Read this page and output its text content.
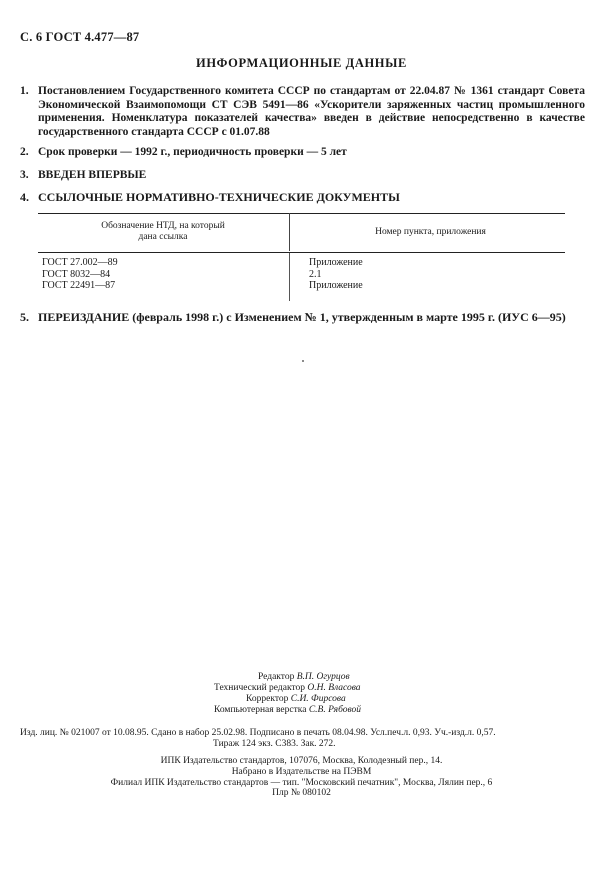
С. 6 ГОСТ 4.477—87
ИНФОРМАЦИОННЫЕ ДАННЫЕ
1. Постановлением Государственного комитета СССР по стандартам от 22.04.87 № 1361 стандарт Совета Экономической Взаимопомощи СТ СЭВ 5491—86 «Ускорители заряженных частиц промышленного применения. Номенклатура показателей качества» введен в действие непосредственно в качестве государственного стандарта СССР с 01.07.88
2. Срок проверки — 1992 г., периодичность проверки — 5 лет
3. ВВЕДЕН ВПЕРВЫЕ
4. ССЫЛОЧНЫЕ НОРМАТИВНО-ТЕХНИЧЕСКИЕ ДОКУМЕНТЫ
Обозначение НТД, на который
дана ссылка	Номер пункта, приложения
ГОСТ 27.002—89	Приложение
ГОСТ 8032—84	2.1
ГОСТ 22491—87	Приложение
5. ПЕРЕИЗДАНИЕ (февраль 1998 г.) с Изменением № 1, утвержденным в марте 1995 г. (ИУС 6—95)
Редактор В.П. Огурцов
Технический редактор О.Н. Власова
Корректор С.И. Фирсова
Компьютерная верстка С.В. Рябовой
Изд. лиц. № 021007 от 10.08.95. Сдано в набор 25.02.98. Подписано в печать 08.04.98. Усл.печ.л. 0,93. Уч.-изд.л. 0,57.
Тираж 124 экз. С383. Зак. 272.
ИПК Издательство стандартов, 107076, Москва, Колодезный пер., 14.
Набрано в Издательстве на ПЭВМ
Филиал ИПК Издательство стандартов — тип. "Московский печатник", Москва, Лялин пер., 6
Плр № 080102
